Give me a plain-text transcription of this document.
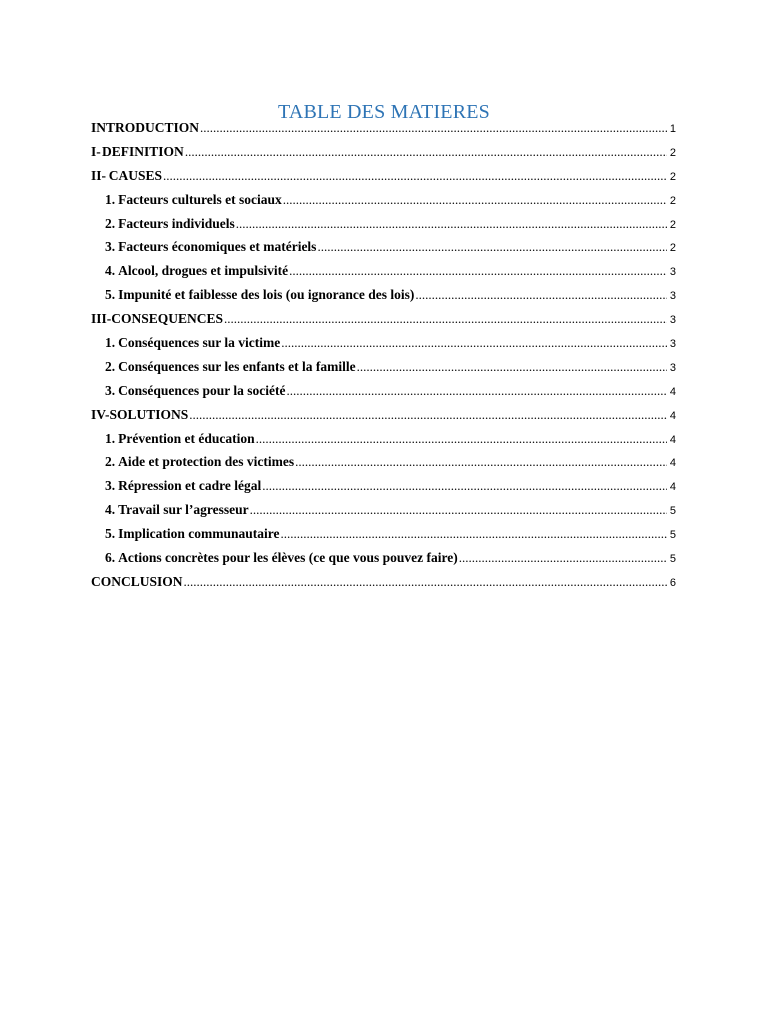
TABLE DES MATIERES
INTRODUCTION .....	1
I- DEFINITION .....	2
II- CAUSES .....	2
1. Facteurs culturels et sociaux .....	2
2. Facteurs individuels .....	2
3. Facteurs économiques et matériels .....	2
4. Alcool, drogues et impulsivité .....	3
5. Impunité et faiblesse des lois (ou ignorance des lois) .....	3
III- CONSEQUENCES .....	3
1. Conséquences sur la victime .....	3
2. Conséquences sur les enfants et la famille .....	3
3. Conséquences pour la société .....	4
IV- SOLUTIONS .....	4
1. Prévention et éducation .....	4
2. Aide et protection des victimes .....	4
3. Répression et cadre légal .....	4
4. Travail sur l’agresseur .....	5
5. Implication communautaire .....	5
6. Actions concrètes pour les élèves (ce que vous pouvez faire) .....	5
CONCLUSION .....	6
